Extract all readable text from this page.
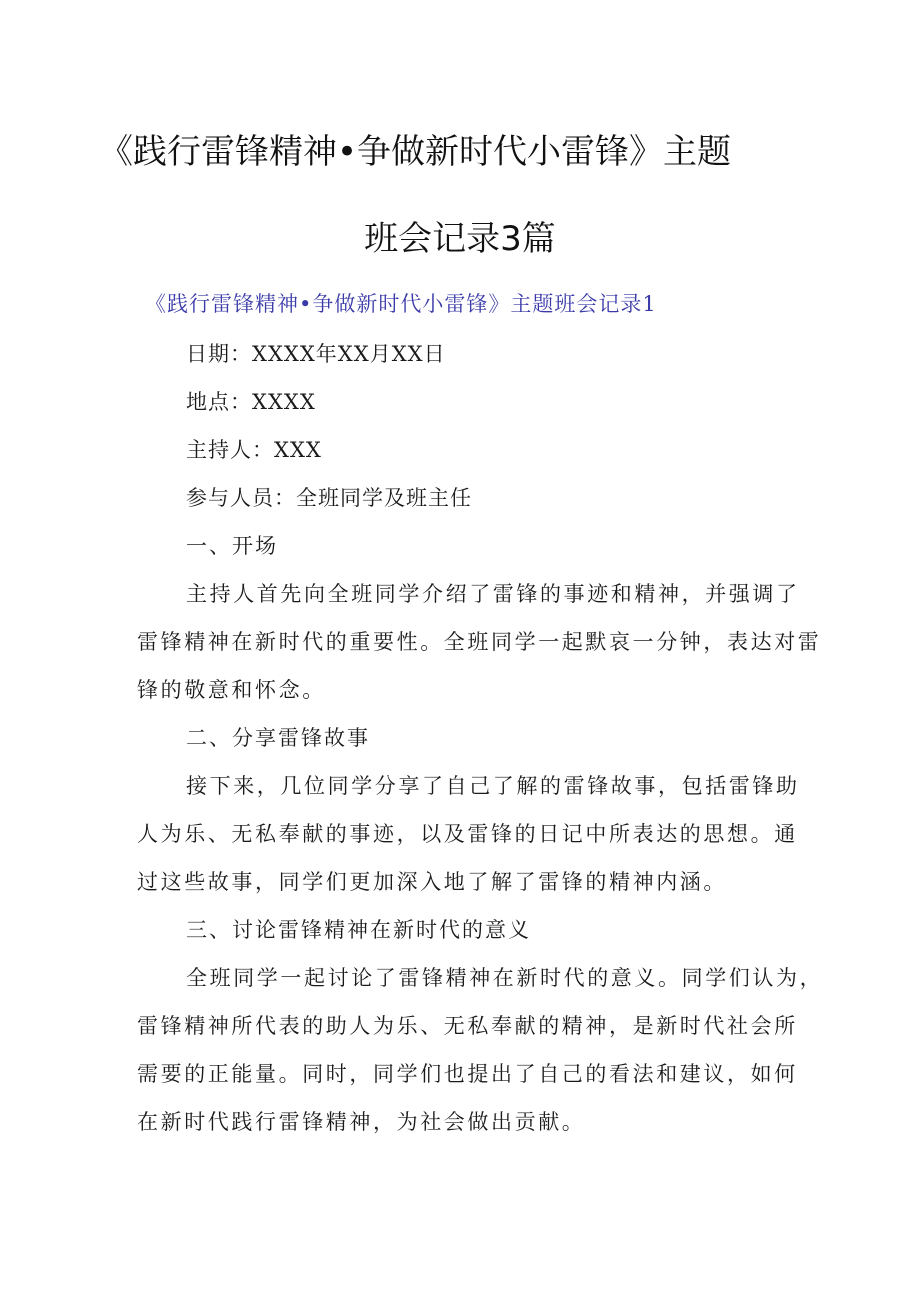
《践行雷锋精神•争做新时代小雷锋》主题
班会记录3篇
《践行雷锋精神•争做新时代小雷锋》主题班会记录1
日期：XXXX年XX月XX日
地点：XXXX
主持人：XXX
参与人员：全班同学及班主任
一、开场
主持人首先向全班同学介绍了雷锋的事迹和精神，并强调了
雷锋精神在新时代的重要性。全班同学一起默哀一分钟，表达对雷
锋的敬意和怀念。
二、分享雷锋故事
接下来，几位同学分享了自己了解的雷锋故事，包括雷锋助
人为乐、无私奉献的事迹，以及雷锋的日记中所表达的思想。通
过这些故事，同学们更加深入地了解了雷锋的精神内涵。
三、讨论雷锋精神在新时代的意义
全班同学一起讨论了雷锋精神在新时代的意义。同学们认为，
雷锋精神所代表的助人为乐、无私奉献的精神，是新时代社会所
需要的正能量。同时，同学们也提出了自己的看法和建议，如何
在新时代践行雷锋精神，为社会做出贡献。
